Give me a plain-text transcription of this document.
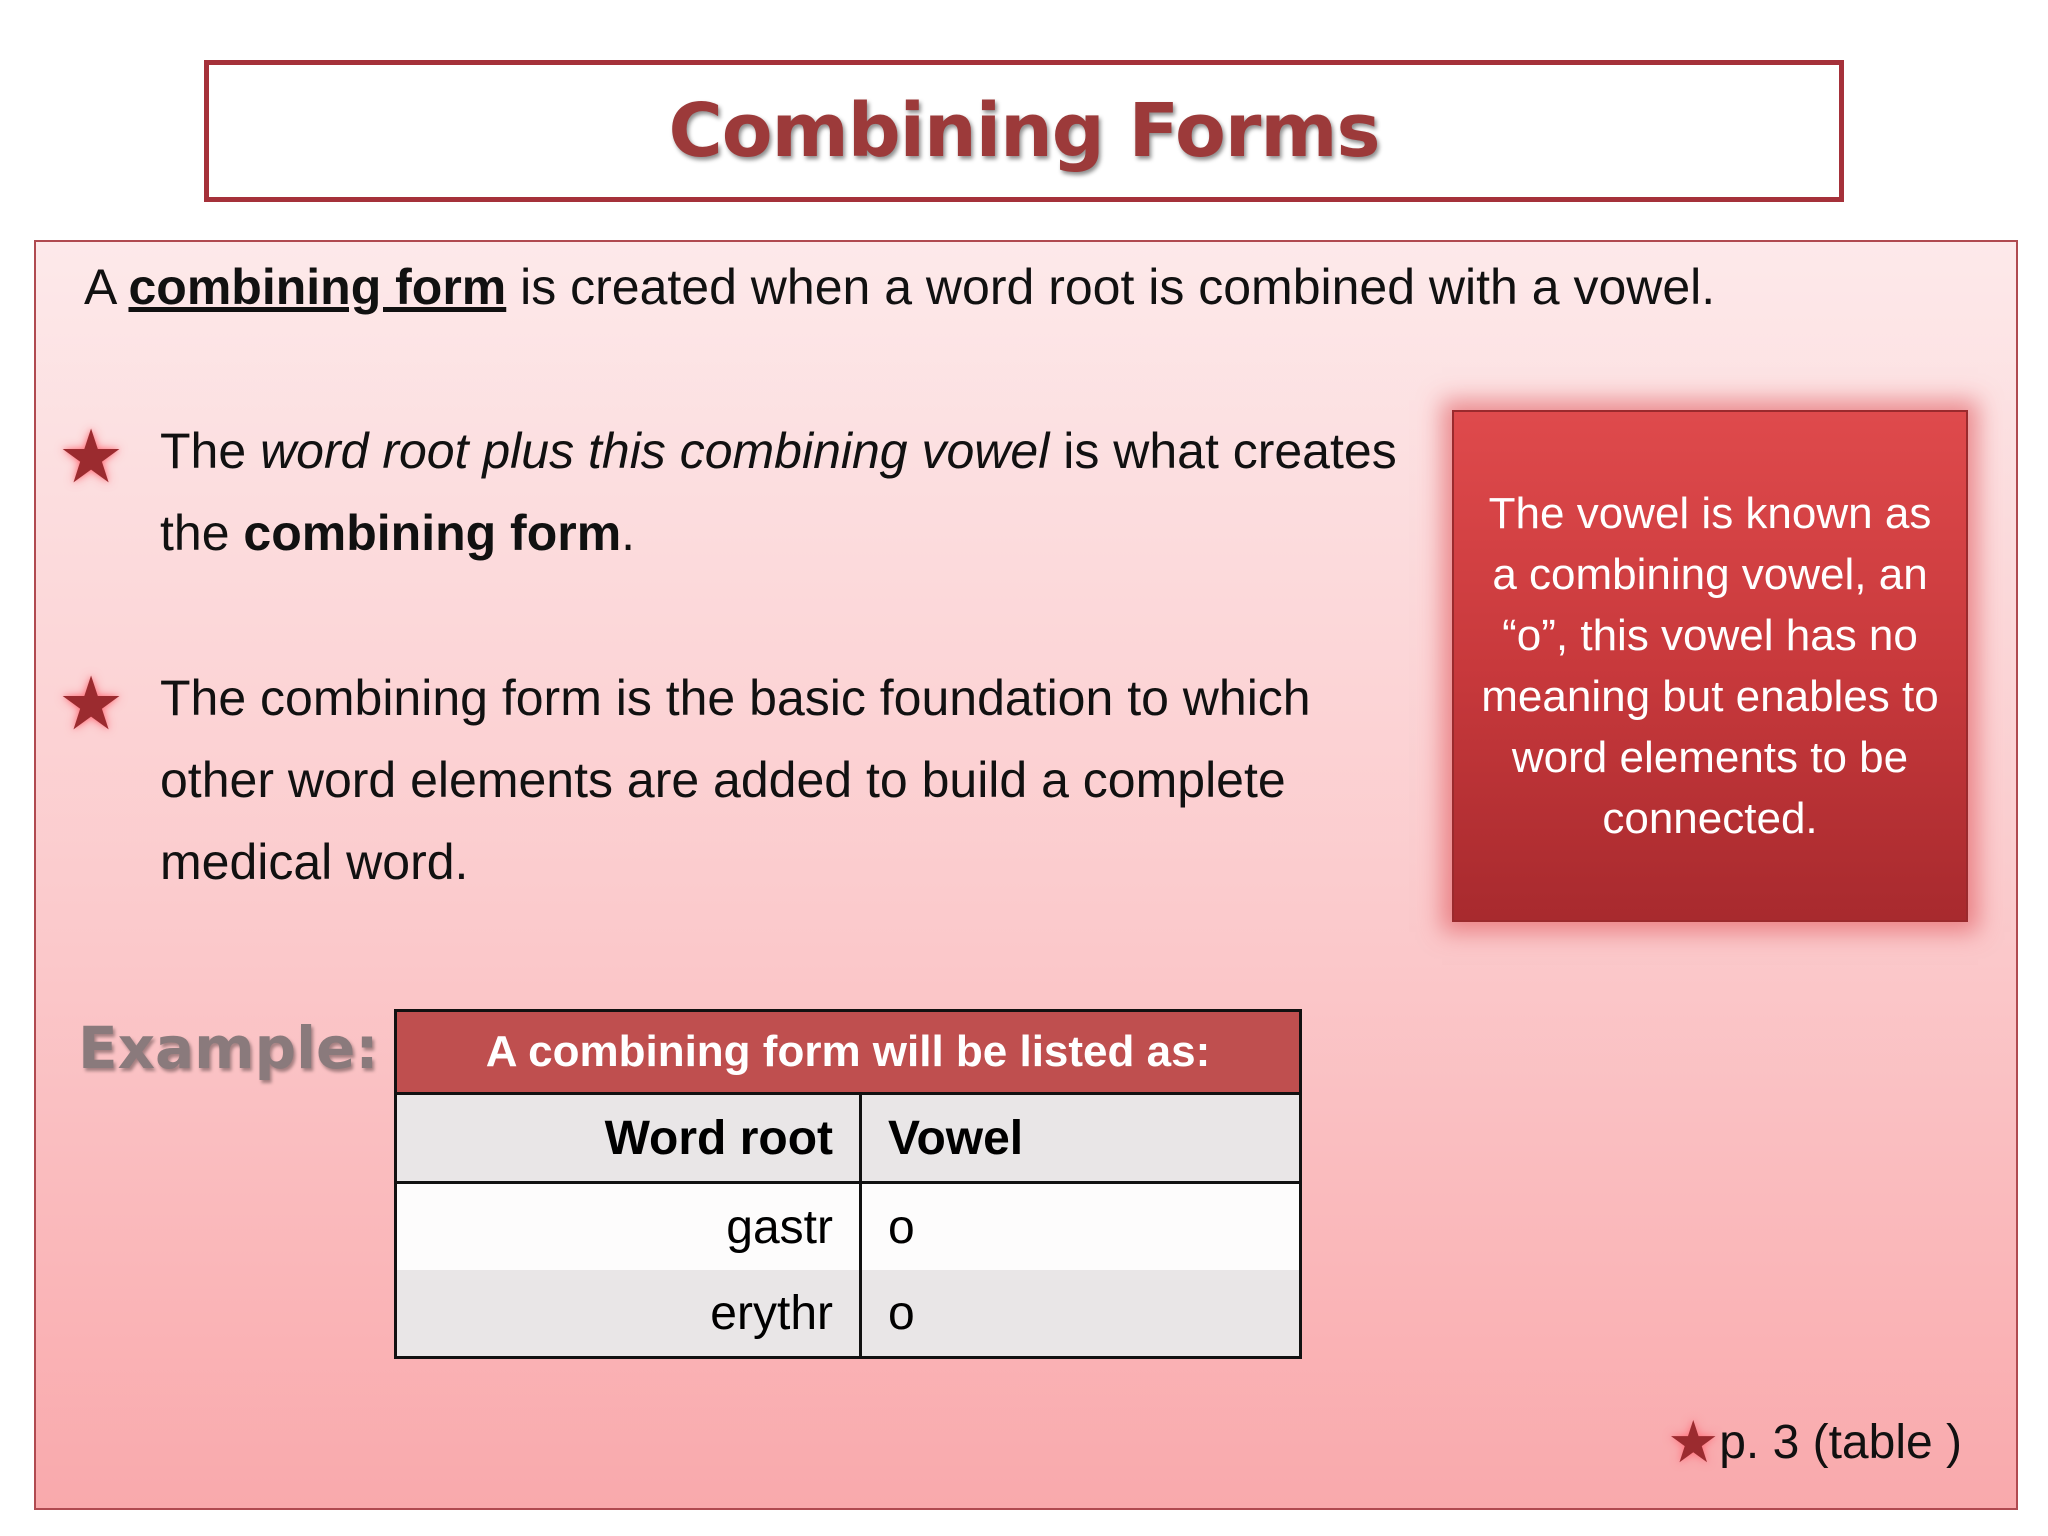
Combining Forms
A combining form is created when a word root is combined with a vowel.
★ The word root plus this combining vowel is what creates the combining form.
★ The combining form is the basic foundation to which other word elements are added to build a complete medical word.
The vowel is known as a combining vowel, an “o”, this vowel has no meaning but enables to word elements to be connected.
Example: A combining form will be listed as:	
Word root	Vowel
gastr	o
erythr	o
★p. 3 (table )
